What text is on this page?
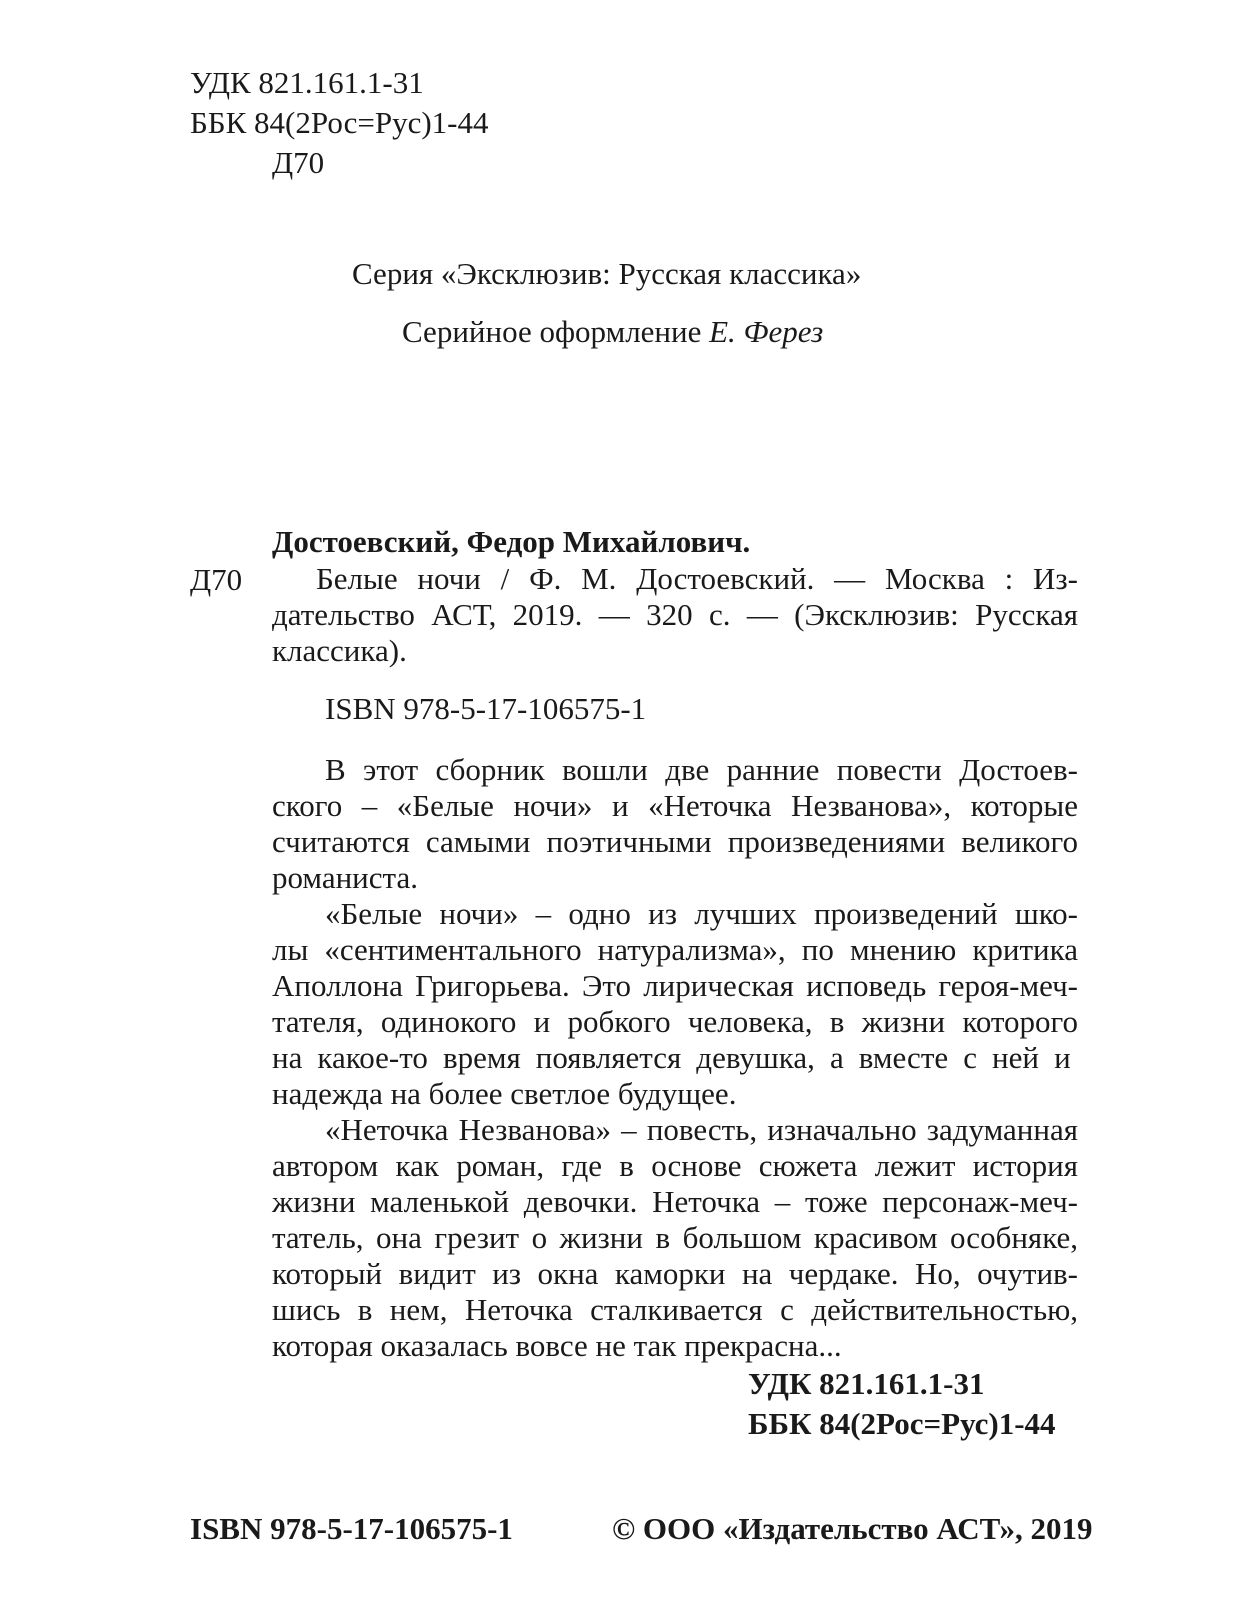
УДК 821.161.1-31
ББК 84(2Рос=Рус)1-44
Д70
Серия «Эксклюзив: Русская классика»
Серийное оформление Е. Ферез
Достоевский, Федор Михайлович.
Д70 Белые ночи / Ф. М. Достоевский. — Москва : Из-
дательство АСТ, 2019. — 320 с. — (Эксклюзив: Русская
классика).
ISBN 978-5-17-106575-1
В этот сборник вошли две ранние повести Достоев-
ского – «Белые ночи» и «Неточка Незванова», которые
считаются самыми поэтичными произведениями великого
романиста.
«Белые ночи» – одно из лучших произведений шко-
лы «сентиментального натурализма», по мнению критика
Аполлона Григорьева. Это лирическая исповедь героя-меч-
тателя, одинокого и робкого человека, в жизни которого
на какое-то время появляется девушка, а вместе с ней и
надежда на более светлое будущее.
«Неточка Незванова» – повесть, изначально задуманная
автором как роман, где в основе сюжета лежит история
жизни маленькой девочки. Неточка – тоже персонаж-меч-
татель, она грезит о жизни в большом красивом особняке,
который видит из окна каморки на чердаке. Но, очутив-
шись в нем, Неточка сталкивается с действительностью,
которая оказалась вовсе не так прекрасна...
УДК 821.161.1-31
ББК 84(2Рос=Рус)1-44
ISBN 978-5-17-106575-1	© ООО «Издательство АСТ», 2019
